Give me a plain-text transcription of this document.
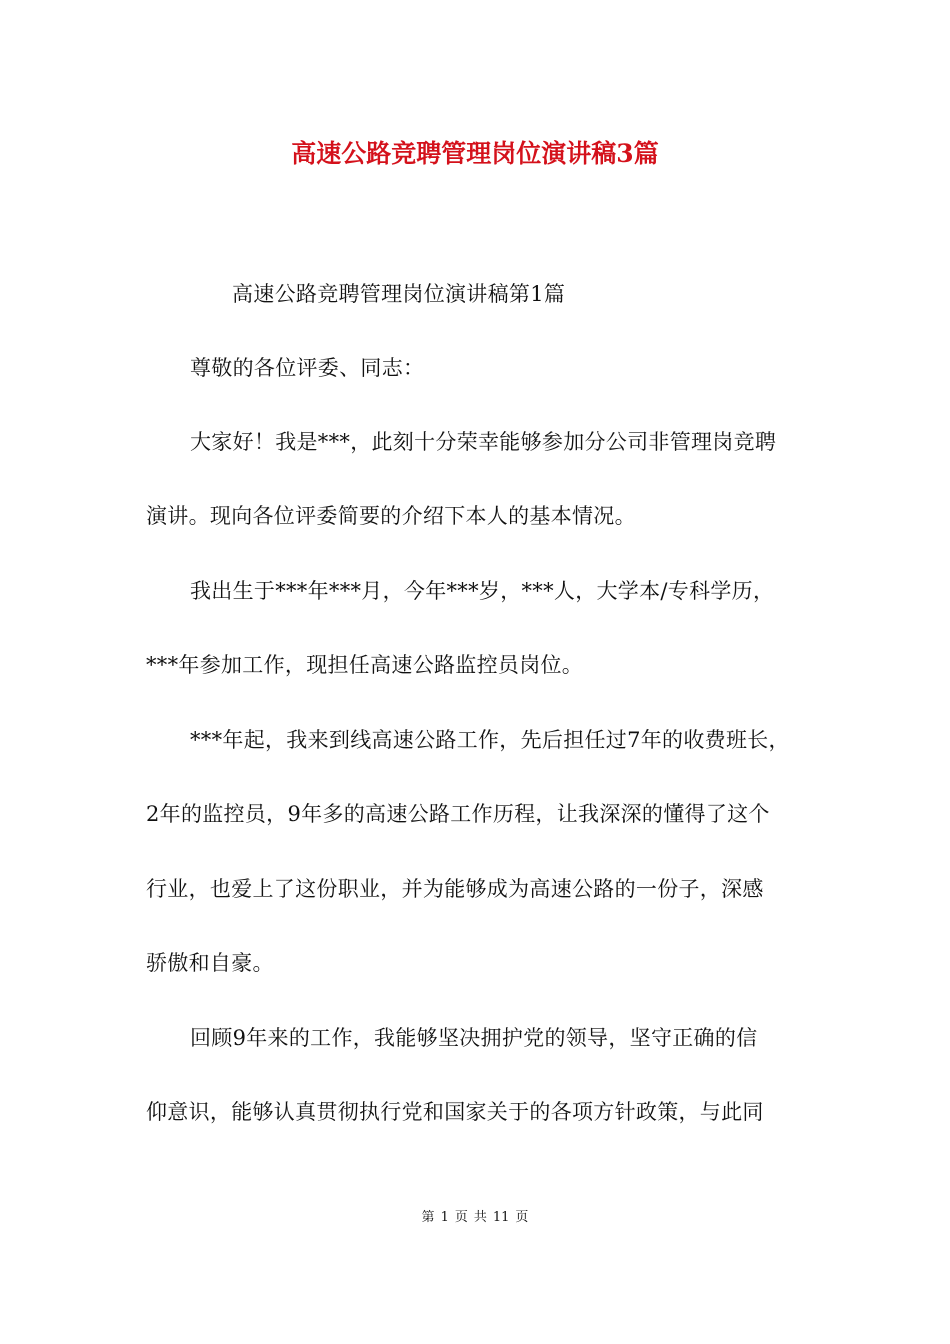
高速公路竞聘管理岗位演讲稿3篇
高速公路竞聘管理岗位演讲稿第1篇
尊敬的各位评委、同志：
大家好！我是***，此刻十分荣幸能够参加分公司非管理岗竞聘
演讲。现向各位评委简要的介绍下本人的基本情况。
我出生于***年***月，今年***岁，***人，大学本/专科学历，
***年参加工作，现担任高速公路监控员岗位。
***年起，我来到线高速公路工作，先后担任过7年的收费班长，
2年的监控员，9年多的高速公路工作历程，让我深深的懂得了这个
行业，也爱上了这份职业，并为能够成为高速公路的一份子，深感
骄傲和自豪。
回顾9年来的工作，我能够坚决拥护党的领导，坚守正确的信
仰意识，能够认真贯彻执行党和国家关于的各项方针政策，与此同
第 1 页 共 11 页
